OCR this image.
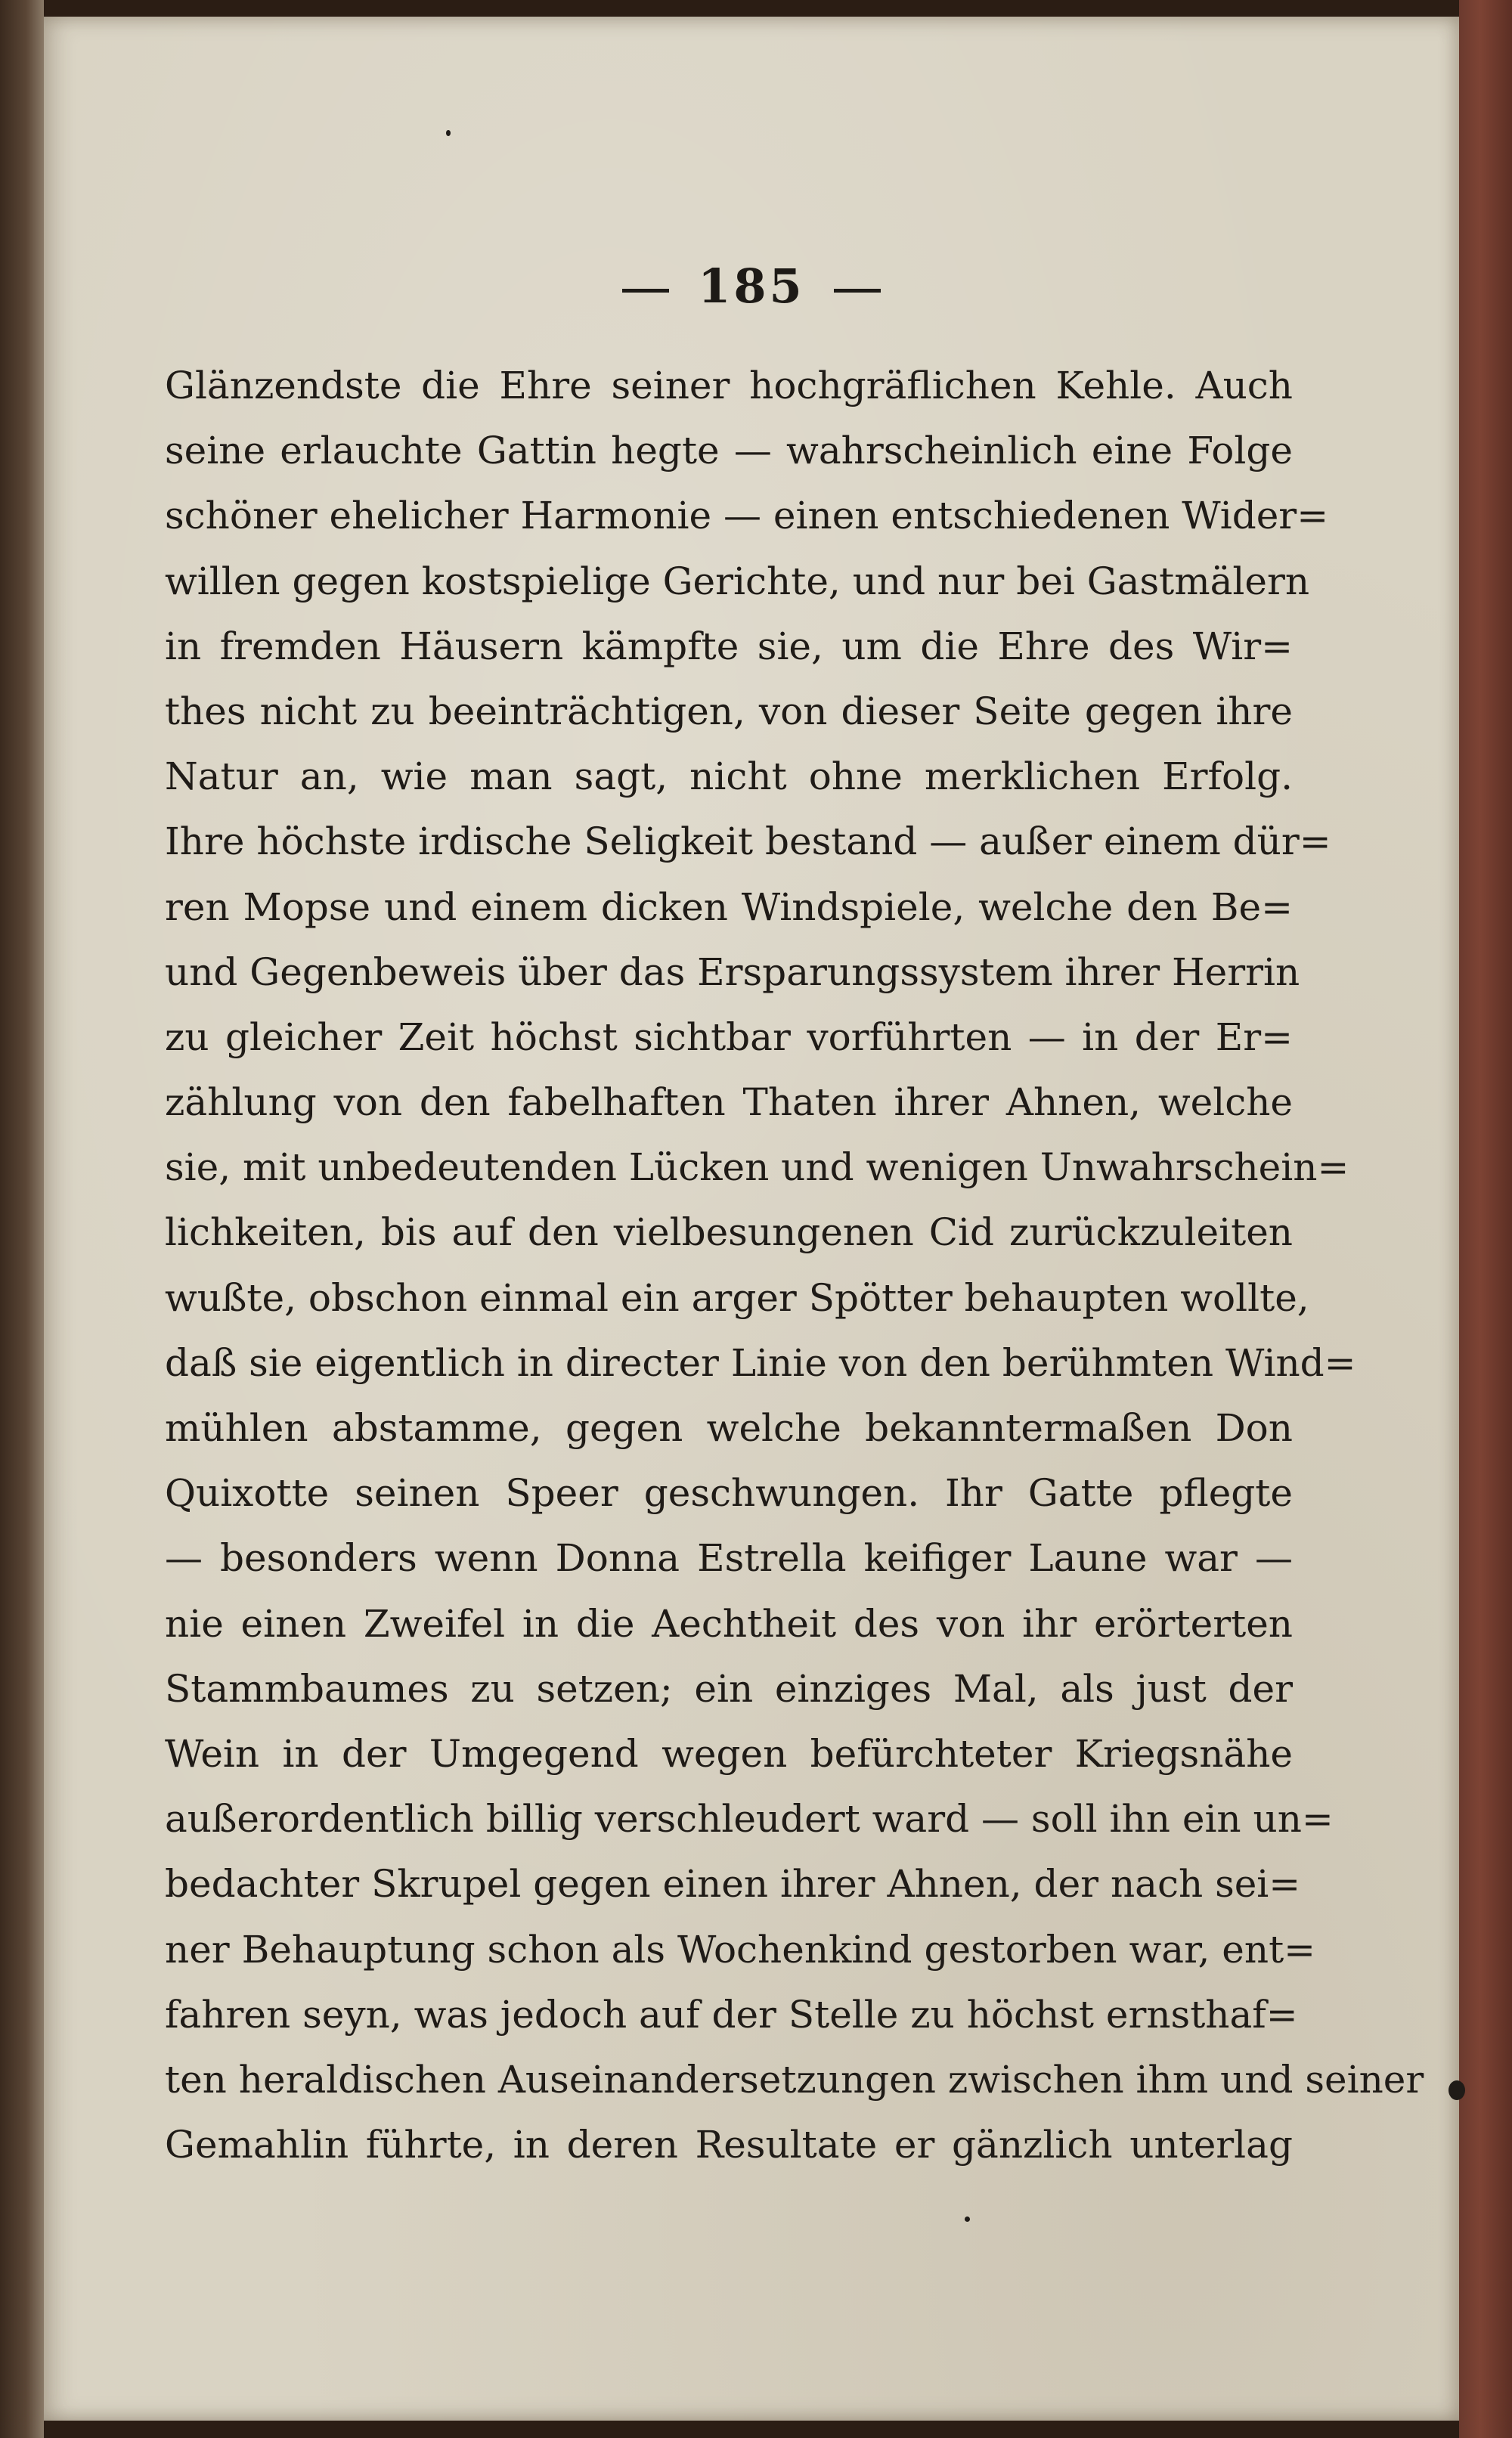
185
Glänzendste die Ehre seiner hochgräflichen Kehle. Auch
seine erlauchte Gattin hegte — wahrscheinlich eine Folge
schöner ehelicher Harmonie — einen entschiedenen Wider=
willen gegen kostspielige Gerichte, und nur bei Gastmälern
in fremden Häusern kämpfte sie, um die Ehre des Wir=
thes nicht zu beeinträchtigen, von dieser Seite gegen ihre
Natur an, wie man sagt, nicht ohne merklichen Erfolg.
Ihre höchste irdische Seligkeit bestand — außer einem dür=
ren Mopse und einem dicken Windspiele, welche den Be=
und Gegenbeweis über das Ersparungssystem ihrer Herrin
zu gleicher Zeit höchst sichtbar vorführten — in der Er=
zählung von den fabelhaften Thaten ihrer Ahnen, welche
sie, mit unbedeutenden Lücken und wenigen Unwahrschein=
lichkeiten, bis auf den vielbesungenen Cid zurückzuleiten
wußte, obschon einmal ein arger Spötter behaupten wollte,
daß sie eigentlich in directer Linie von den berühmten Wind=
mühlen abstamme, gegen welche bekanntermaßen Don
Quixotte seinen Speer geschwungen. Ihr Gatte pflegte
— besonders wenn Donna Estrella keifiger Laune war —
nie einen Zweifel in die Aechtheit des von ihr erörterten
Stammbaumes zu setzen; ein einziges Mal, als just der
Wein in der Umgegend wegen befürchteter Kriegsnähe
außerordentlich billig verschleudert ward — soll ihn ein un=
bedachter Skrupel gegen einen ihrer Ahnen, der nach sei=
ner Behauptung schon als Wochenkind gestorben war, ent=
fahren seyn, was jedoch auf der Stelle zu höchst ernsthaf=
ten heraldischen Auseinandersetzungen zwischen ihm und seiner
Gemahlin führte, in deren Resultate er gänzlich unterlag
